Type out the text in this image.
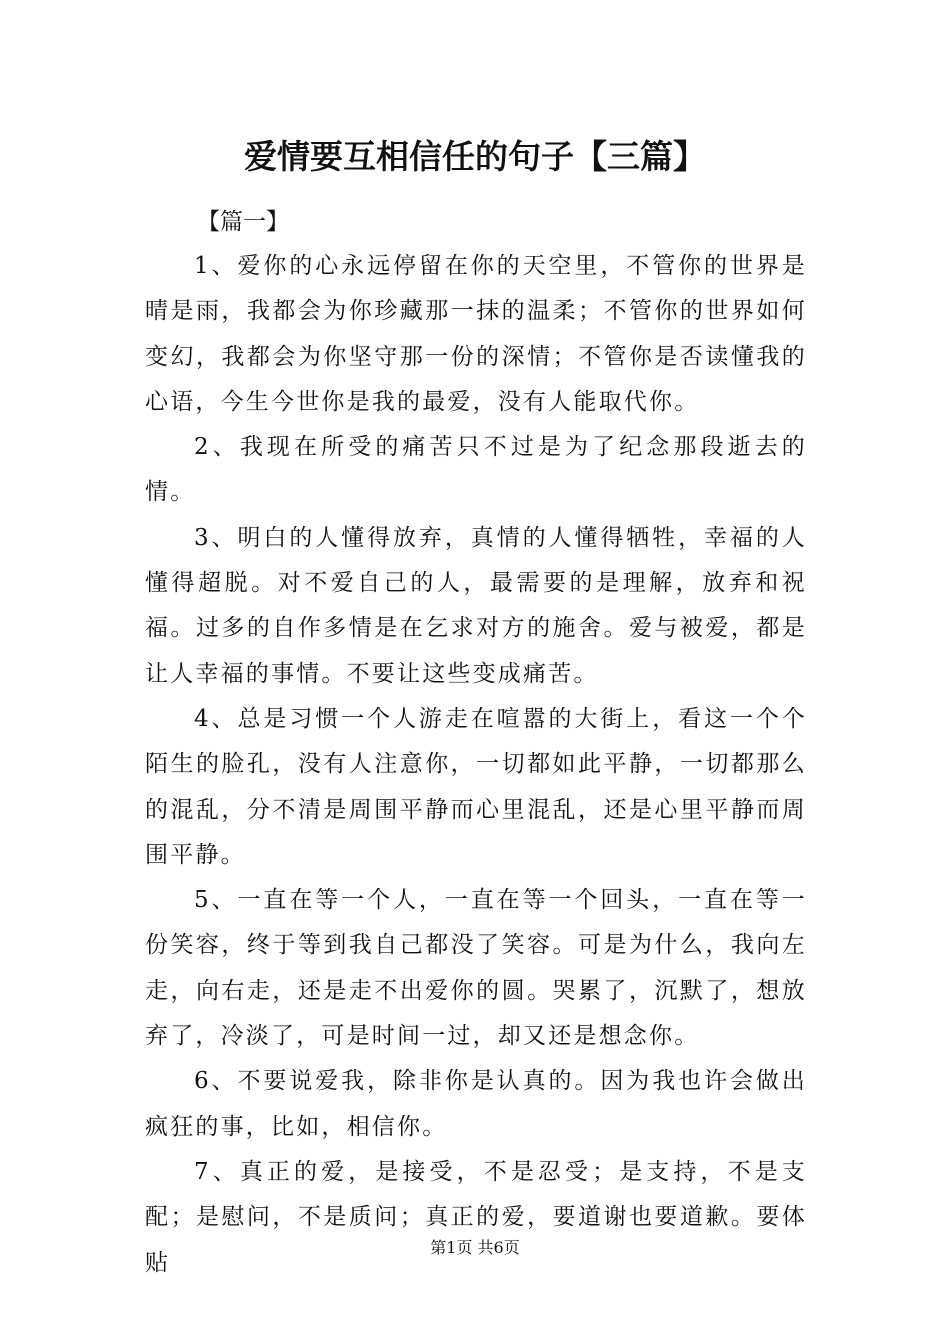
爱情要互相信任的句子【三篇】
【篇一】

1、爱你的心永远停留在你的天空里，不管你的世界是晴是雨，我都会为你珍藏那一抹的温柔；不管你的世界如何变幻，我都会为你坚守那一份的深情；不管你是否读懂我的心语，今生今世你是我的最爱，没有人能取代你。

2、我现在所受的痛苦只不过是为了纪念那段逝去的情。

3、明白的人懂得放弃，真情的人懂得牺牲，幸福的人懂得超脱。对不爱自己的人，最需要的是理解，放弃和祝福。过多的自作多情是在乞求对方的施舍。爱与被爱，都是让人幸福的事情。不要让这些变成痛苦。

4、总是习惯一个人游走在喧嚣的大街上，看这一个个陌生的脸孔，没有人注意你，一切都如此平静，一切都那么的混乱，分不清是周围平静而心里混乱，还是心里平静而周围平静。

5、一直在等一个人，一直在等一个回头，一直在等一份笑容，终于等到我自己都没了笑容。可是为什么，我向左走，向右走，还是走不出爱你的圆。哭累了，沉默了，想放弃了，冷淡了，可是时间一过，却又还是想念你。

6、不要说爱我，除非你是认真的。因为我也许会做出疯狂的事，比如，相信你。

7、真正的爱，是接受，不是忍受；是支持，不是支配；是慰问，不是质问；真正的爱，要道谢也要道歉。要体贴

第1页 共6页
